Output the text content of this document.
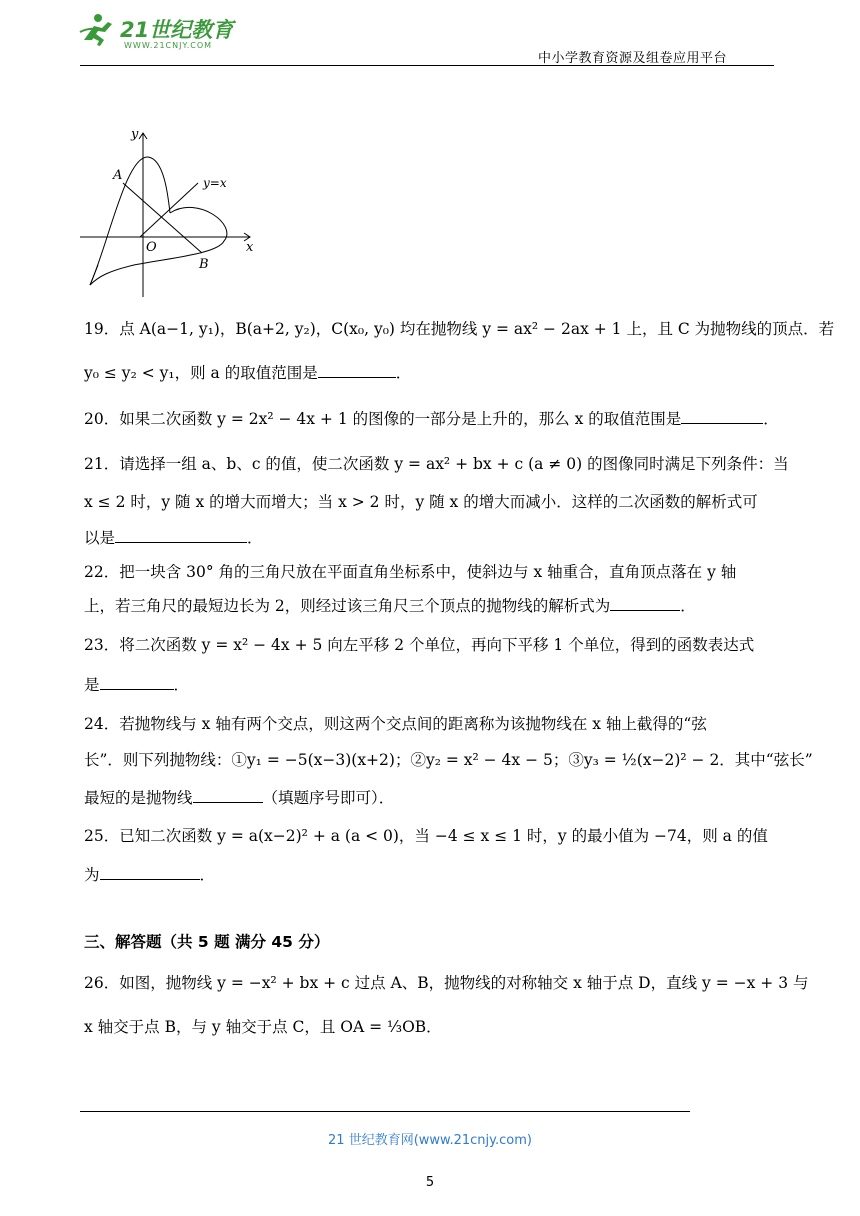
21世纪教育
WWW.21CNJY.COM
中小学教育资源及组卷应用平台
y
x
A
B
O
y=x
19．点 A(a−1, y₁)，B(a+2, y₂)，C(x₀, y₀) 均在抛物线 y = ax² − 2ax + 1 上，且 C 为抛物线的顶点．若
y₀ ≤ y₂ < y₁，则 a 的取值范围是	．
20．如果二次函数 y = 2x² − 4x + 1 的图像的一部分是上升的，那么 x 的取值范围是	．
21．请选择一组 a、b、c 的值，使二次函数 y = ax² + bx + c (a ≠ 0) 的图像同时满足下列条件：当
x ≤ 2 时，y 随 x 的增大而增大；当 x > 2 时，y 随 x 的增大而减小．这样的二次函数的解析式可
以是	．
22．把一块含 30° 角的三角尺放在平面直角坐标系中，使斜边与 x 轴重合，直角顶点落在 y 轴
上，若三角尺的最短边长为 2，则经过该三角尺三个顶点的抛物线的解析式为	．
23．将二次函数 y = x² − 4x + 5 向左平移 2 个单位，再向下平移 1 个单位，得到的函数表达式
是	．
24．若抛物线与 x 轴有两个交点，则这两个交点间的距离称为该抛物线在 x 轴上截得的“弦
长”．则下列抛物线：①y₁ = −5(x−3)(x+2)；②y₂ = x² − 4x − 5；③y₃ = ½(x−2)² − 2．其中“弦长”
最短的是抛物线	（填题序号即可）．
25．已知二次函数 y = a(x−2)² + a (a < 0)，当 −4 ≤ x ≤ 1 时，y 的最小值为 −74，则 a 的值
为	．
三、解答题（共 5 题 满分 45 分）
26．如图，抛物线 y = −x² + bx + c 过点 A、B，抛物线的对称轴交 x 轴于点 D，直线 y = −x + 3 与
x 轴交于点 B，与 y 轴交于点 C，且 OA = ⅓OB．
21 世纪教育网(www.21cnjy.com)
5
